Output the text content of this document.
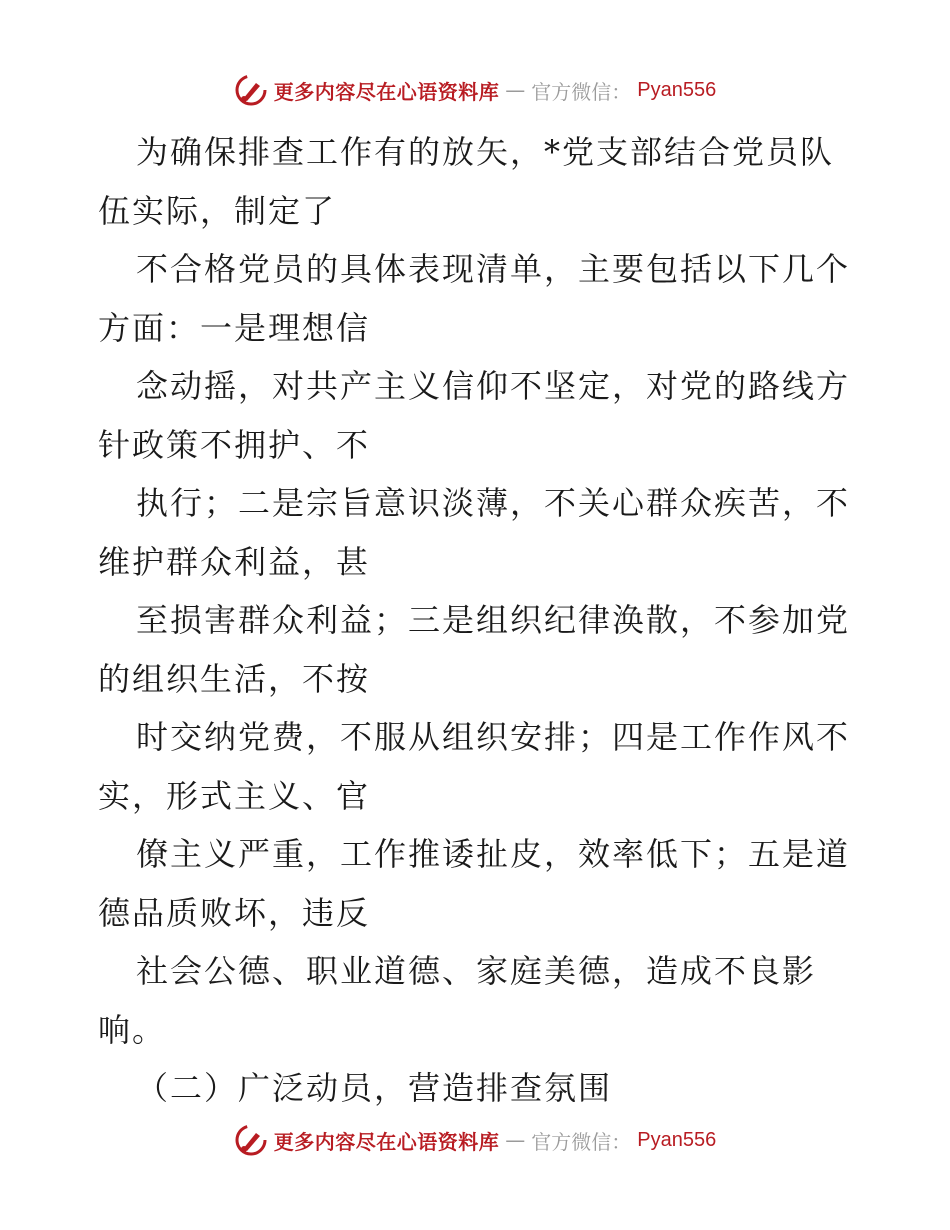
更多内容尽在心语资料库 — 官方微信： Pyan556

为确保排查工作有的放矢，*党支部结合党员队
伍实际，制定了

不合格党员的具体表现清单，主要包括以下几个
方面：一是理想信

念动摇，对共产主义信仰不坚定，对党的路线方
针政策不拥护、不

执行；二是宗旨意识淡薄，不关心群众疾苦，不
维护群众利益，甚

至损害群众利益；三是组织纪律涣散，不参加党
的组织生活，不按

时交纳党费，不服从组织安排；四是工作作风不
实，形式主义、官

僚主义严重，工作推诿扯皮，效率低下；五是道
德品质败坏，违反

社会公德、职业道德、家庭美德，造成不良影
响。

（二）广泛动员，营造排查氛围

更多内容尽在心语资料库 — 官方微信： Pyan556
